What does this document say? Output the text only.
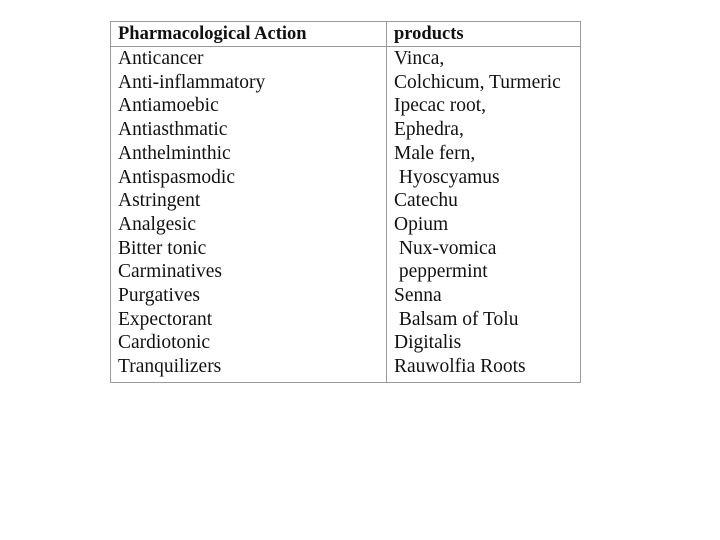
Pharmacological Action	products
Anticancer	Vinca,
Anti-inflammatory	Colchicum, Turmeric
Antiamoebic	Ipecac root,
Antiasthmatic	Ephedra,
Anthelminthic	Male fern,
Antispasmodic	Hyoscyamus
Astringent	Catechu
Analgesic	Opium
Bitter tonic	Nux-vomica
Carminatives	peppermint
Purgatives	Senna
Expectorant	Balsam of Tolu
Cardiotonic	Digitalis
Tranquilizers	Rauwolfia Roots
